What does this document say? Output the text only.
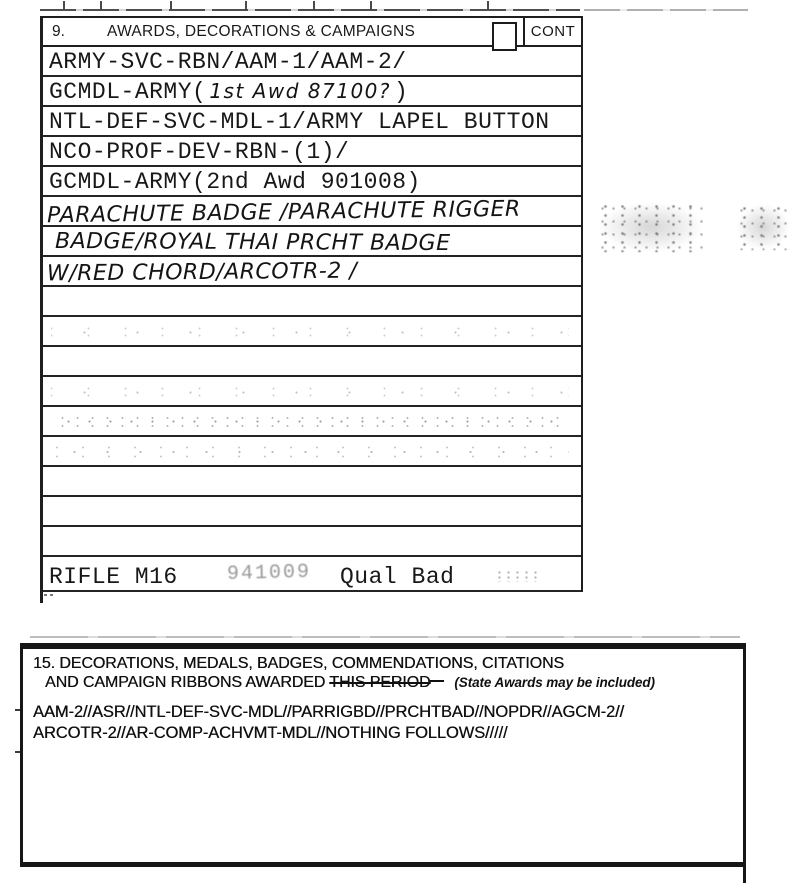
9.	AWARDS, DECORATIONS & CAMPAIGNS	CONT
ARMY-SVC-RBN/AAM-1/AAM-2/
GCMDL-ARMY( 1st Awd 87100? )
NTL-DEF-SVC-MDL-1/ARMY LAPEL BUTTON
NCO-PROF-DEV-RBN-(1)/
GCMDL-ARMY(2nd Awd 901008)
PARACHUTE BADGE /PARACHUTE RIGGER
BADGE/ROYAL THAI PRCHT BADGE
W/RED CHORD/ARCOTR-2 /
RIFLE M16 941009 Qual Bad
15. DECORATIONS, MEDALS, BADGES, COMMENDATIONS, CITATIONS
AND CAMPAIGN RIBBONS AWARDED THIS PERIOD (State Awards may be included)
AAM-2//ASR//NTL-DEF-SVC-MDL//PARRIGBD//PRCHTBAD//NOPDR//AGCM-2//
ARCOTR-2//AR-COMP-ACHVMT-MDL//NOTHING FOLLOWS/////
